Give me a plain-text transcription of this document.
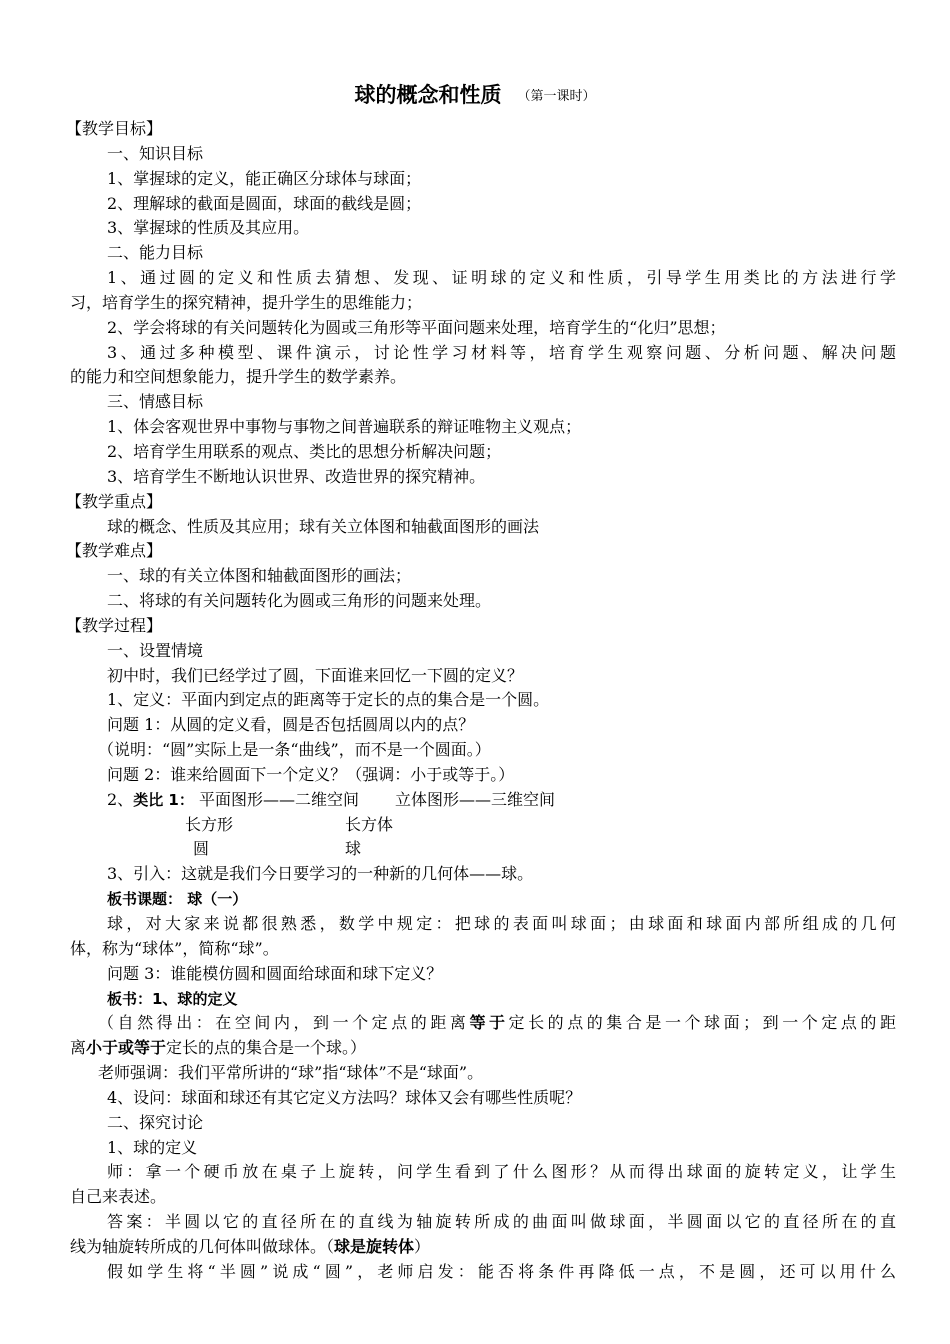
球的概念和性质 （第一课时）
【教学目标】
一、知识目标
1、掌握球的定义，能正确区分球体与球面；
2、理解球的截面是圆面，球面的截线是圆；
3、掌握球的性质及其应用。
二、能力目标
1、通过圆的定义和性质去猜想、发现、证明球的定义和性质，引导学生用类比的方法进行学
习，培育学生的探究精神，提升学生的思维能力；
2、学会将球的有关问题转化为圆或三角形等平面问题来处理，培育学生的“化归”思想；
3、通过多种模型、课件演示，讨论性学习材料等，培育学生观察问题、分析问题、解决问题
的能力和空间想象能力，提升学生的数学素养。
三、情感目标
1、体会客观世界中事物与事物之间普遍联系的辩证唯物主义观点；
2、培育学生用联系的观点、类比的思想分析解决问题；
3、培育学生不断地认识世界、改造世界的探究精神。
【教学重点】
球的概念、性质及其应用；球有关立体图和轴截面图形的画法
【教学难点】
一、球的有关立体图和轴截面图形的画法；
二、将球的有关问题转化为圆或三角形的问题来处理。
【教学过程】
一、设置情境
初中时，我们已经学过了圆，下面谁来回忆一下圆的定义？
1、定义：平面内到定点的距离等于定长的点的集合是一个圆。
问题 1：从圆的定义看，圆是否包括圆周以内的点？
（说明：“圆”实际上是一条“曲线”，而不是一个圆面。）
问题 2：谁来给圆面下一个定义？（强调：小于或等于。）
2、类比 1： 平面图形——二维空间 立体图形——三维空间
长方形	长方体
圆	球
3、引入：这就是我们今日要学习的一种新的几何体——球。
板书课题： 球（一）
球，对大家来说都很熟悉，数学中规定：把球的表面叫球面；由球面和球面内部所组成的几何
体，称为“球体”，简称“球”。
问题 3：谁能模仿圆和圆面给球面和球下定义？
板书：1、球的定义
（自然得出：在空间内，到一个定点的距离等于定长的点的集合是一个球面；到一个定点的距
离小于或等于定长的点的集合是一个球。）
老师强调：我们平常所讲的“球”指“球体”不是“球面”。
4、设问：球面和球还有其它定义方法吗？球体又会有哪些性质呢？
二、探究讨论
1、球的定义
师：拿一个硬币放在桌子上旋转，问学生看到了什么图形？从而得出球面的旋转定义，让学生
自己来表述。
答案：半圆以它的直径所在的直线为轴旋转所成的曲面叫做球面，半圆面以它的直径所在的直
线为轴旋转所成的几何体叫做球体。（球是旋转体）
假如学生将“半圆”说成“圆”，老师启发：能否将条件再降低一点，不是圆，还可以用什么
